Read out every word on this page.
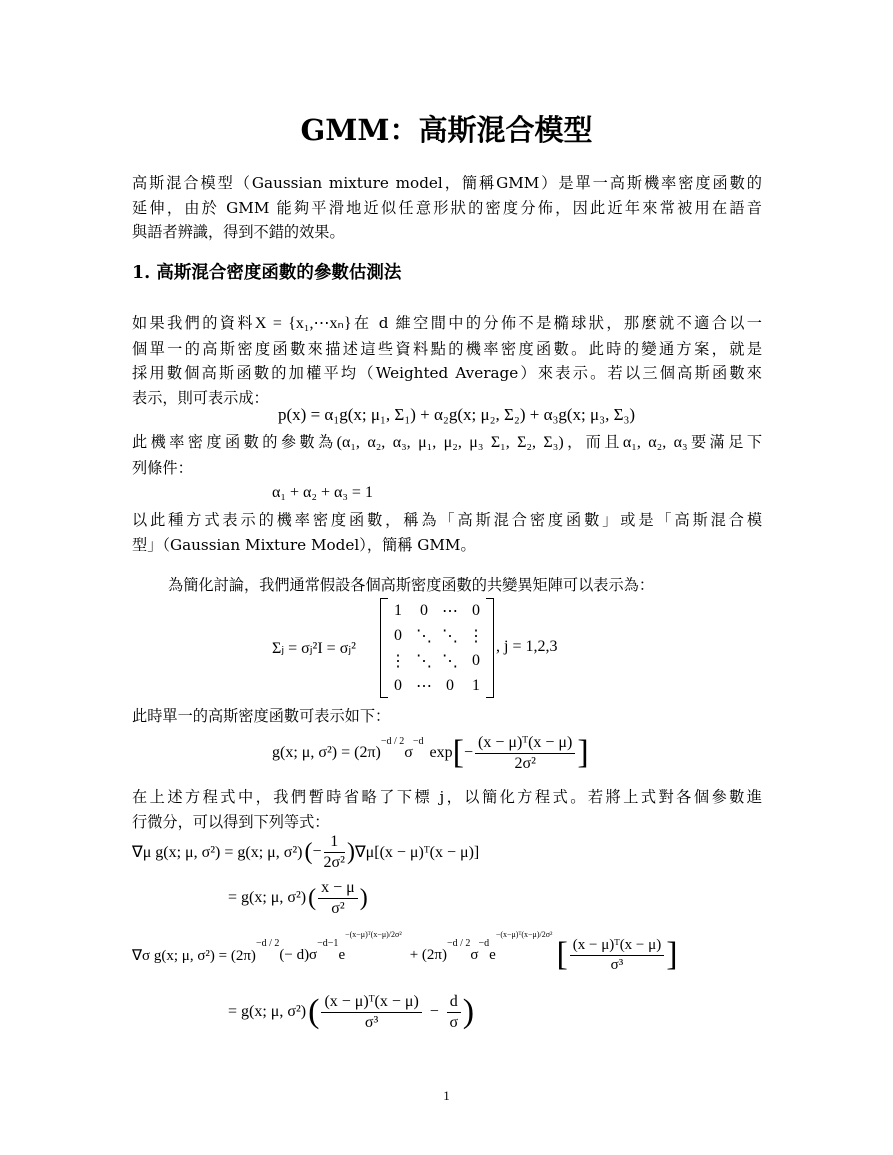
GMM：高斯混合模型
高斯混合模型（Gaussian mixture model，簡稱GMM）是單一高斯機率密度函數的
延伸，由於 GMM 能夠平滑地近似任意形狀的密度分佈，因此近年來常被用在語音
與語者辨識，得到不錯的效果。
1. 高斯混合密度函數的參數估測法
如果我們的資料X = {x₁,⋯xₙ}在 d 維空間中的分佈不是橢球狀，那麼就不適合以一
個單一的高斯密度函數來描述這些資料點的機率密度函數。此時的變通方案，就是
採用數個高斯函數的加權平均（Weighted Average）來表示。若以三個高斯函數來
表示，則可表示成：
p(x) = α₁g(x; μ₁, Σ₁) + α₂g(x; μ₂, Σ₂) + α₃g(x; μ₃, Σ₃)
此機率密度函數的參數為(α₁, α₂, α₃, μ₁, μ₂, μ₃ Σ₁, Σ₂, Σ₃)，而且α₁, α₂, α₃要滿足下
列條件：
α₁ + α₂ + α₃ = 1
以此種方式表示的機率密度函數，稱為「高斯混合密度函數」或是「高斯混合模
型」（Gaussian Mixture Model），簡稱 GMM。
為簡化討論，我們通常假設各個高斯密度函數的共變異矩陣可以表示為：
Σⱼ = σⱼ²I = σⱼ²
1	0	⋯	0
0	⋱	⋱	⋮
⋮	⋱	⋱	0
0	⋯	0	1
, j = 1,2,3
此時單一的高斯密度函數可表示如下：
g(x; μ, σ²) = (2π)
$^{-d / 2}$
σ
$^{-d}$
exp [ − $\frac{\text{(x − μ)ᵀ(x − μ)}}{\text{2σ²}}$ ]
在上述方程式中，我們暫時省略了下標 j，以簡化方程式。若將上式對各個參數進
行微分，可以得到下列等式：
∇μ g(x; μ, σ²) = g(x; μ, σ²) ( − $\frac{1}{\text{2σ²}}$ ) ∇μ[(x − μ)ᵀ(x − μ)]
= g(x; μ, σ²) ( $\frac{x - \mu}{\text{σ²}}$ )
∇σ g(x; μ, σ²) = (2π)
$^{-d / 2}$
(− d)σ
$^{-d-1}$
e
−(x−μ)ᵀ(x−μ)/2σ²
+ (2π)
$^{-d / 2}$
σ
$^{-d}$
e
−(x−μ)ᵀ(x−μ)/2σ²
[ $\frac{\text{(x − μ)ᵀ(x − μ)}}{\text{σ³}}$ ]
= g(x; μ, σ²) ( $\frac{\text{(x − μ)ᵀ(x − μ)}}{\text{σ³}} - \frac{d}{\sigma}$ )
1
